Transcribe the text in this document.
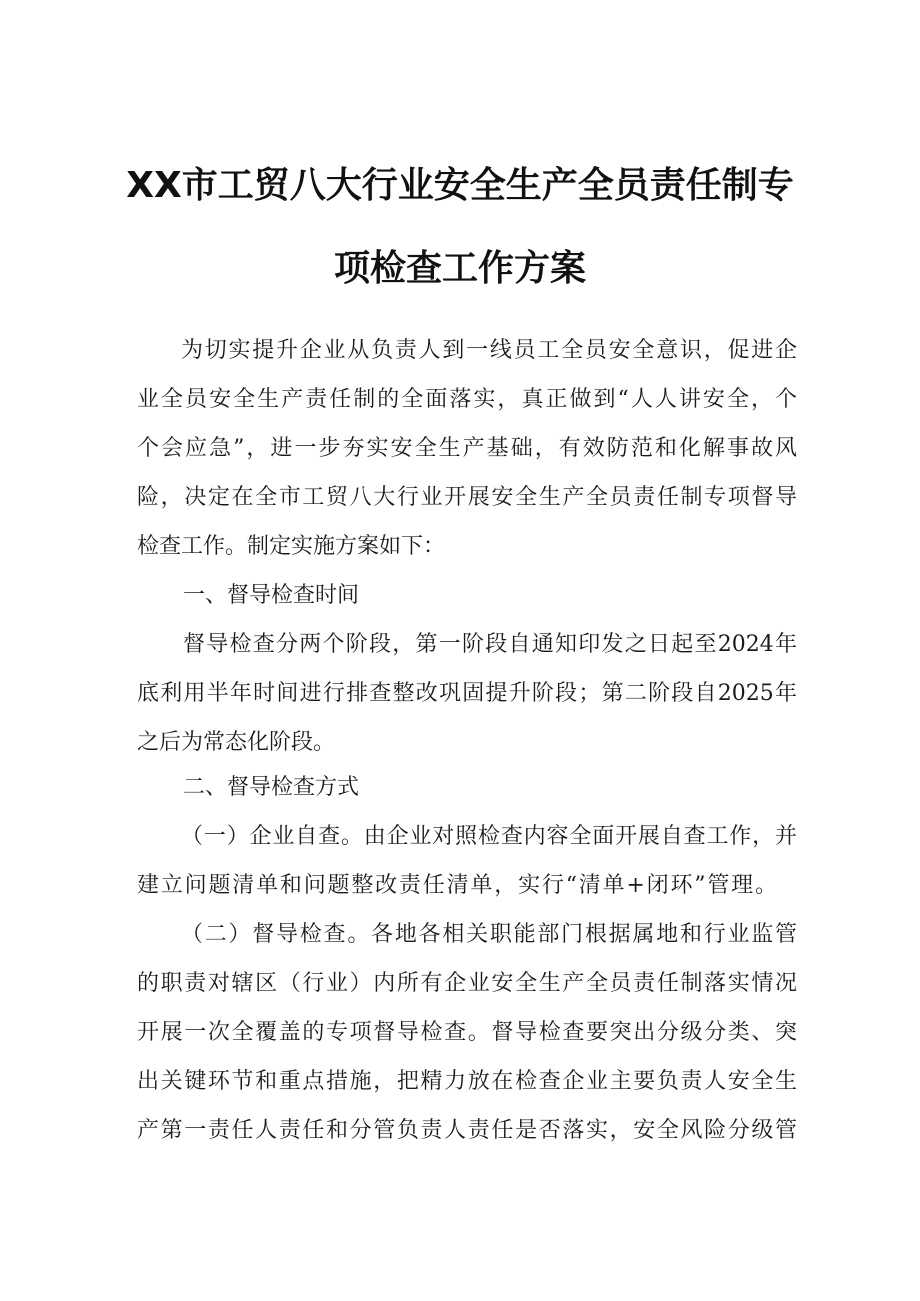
XX市工贸八大行业安全生产全员责任制专
项检查工作方案
为切实提升企业从负责人到一线员工全员安全意识，促进企
业全员安全生产责任制的全面落实，真正做到“人人讲安全，个
个会应急”，进一步夯实安全生产基础，有效防范和化解事故风
险，决定在全市工贸八大行业开展安全生产全员责任制专项督导
检查工作。制定实施方案如下：
一、督导检查时间
督导检查分两个阶段，第一阶段自通知印发之日起至2024年
底利用半年时间进行排查整改巩固提升阶段；第二阶段自2025年
之后为常态化阶段。
二、督导检查方式
（一）企业自查。由企业对照检查内容全面开展自查工作，并
建立问题清单和问题整改责任清单，实行“清单+闭环”管理。
（二）督导检查。各地各相关职能部门根据属地和行业监管
的职责对辖区（行业）内所有企业安全生产全员责任制落实情况
开展一次全覆盖的专项督导检查。督导检查要突出分级分类、突
出关键环节和重点措施，把精力放在检查企业主要负责人安全生
产第一责任人责任和分管负责人责任是否落实，安全风险分级管
